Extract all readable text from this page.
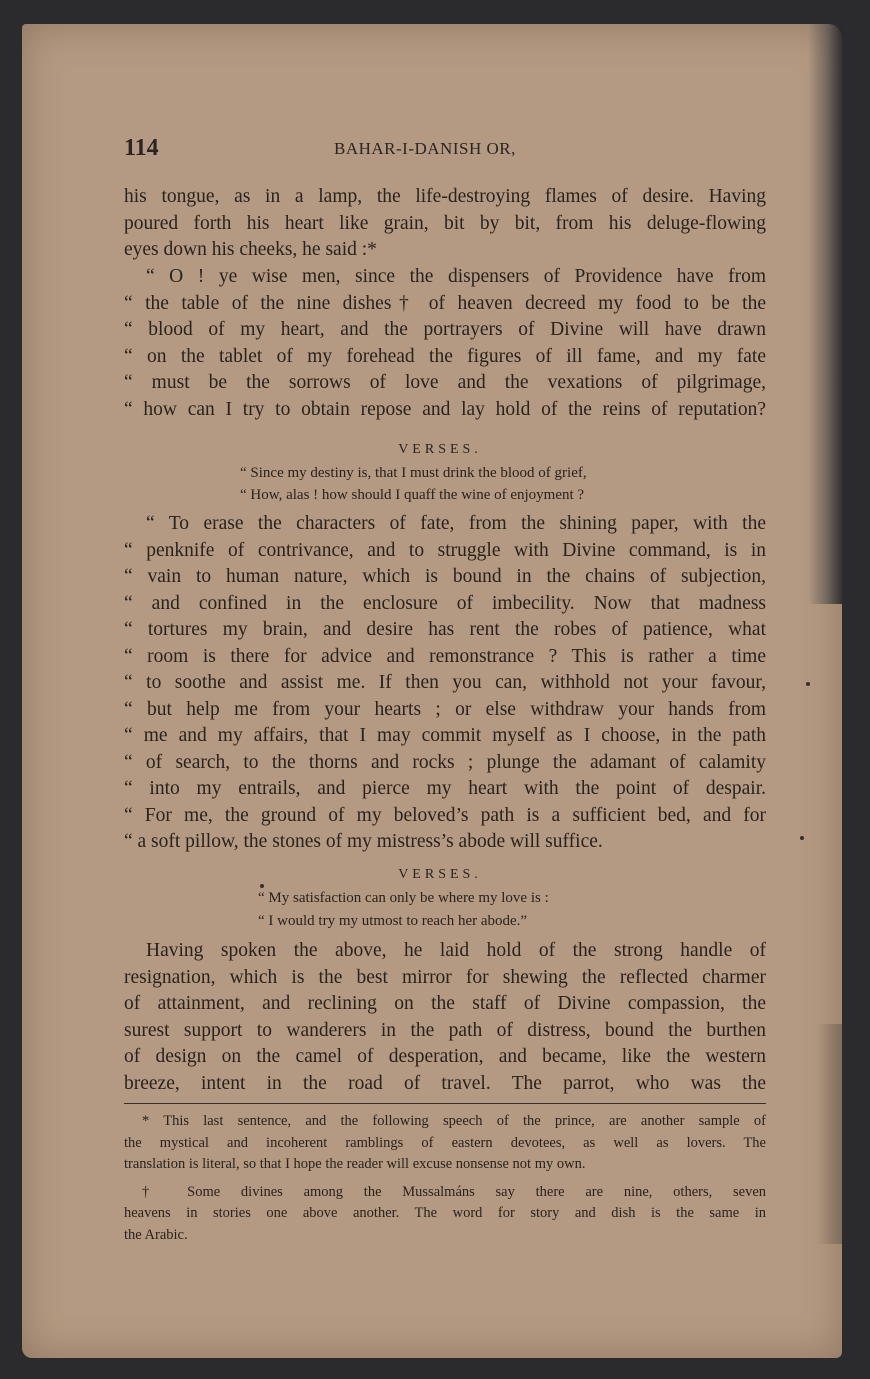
114	BAHAR-I-DANISH OR,
his tongue, as in a lamp, the life-destroying flames of desire. Having
poured forth his heart like grain, bit by bit, from his deluge-flowing
eyes down his cheeks, he said :*
“ O ! ye wise men, since the dispensers of Providence have from
“ the table of the nine dishes† of heaven decreed my food to be the
“ blood of my heart, and the portrayers of Divine will have drawn
“ on the tablet of my forehead the figures of ill fame, and my fate
“ must be the sorrows of love and the vexations of pilgrimage,
“ how can I try to obtain repose and lay hold of the reins of reputation?
VERSES.
“ Since my destiny is, that I must drink the blood of grief,
“ How, alas ! how should I quaff the wine of enjoyment ?
“ To erase the characters of fate, from the shining paper, with the
“ penknife of contrivance, and to struggle with Divine command, is in
“ vain to human nature, which is bound in the chains of subjection,
“ and confined in the enclosure of imbecility. Now that madness
“ tortures my brain, and desire has rent the robes of patience, what
“ room is there for advice and remonstrance ? This is rather a time
“ to soothe and assist me. If then you can, withhold not your favour,
“ but help me from your hearts ; or else withdraw your hands from
“ me and my affairs, that I may commit myself as I choose, in the path
“ of search, to the thorns and rocks ; plunge the adamant of calamity
“ into my entrails, and pierce my heart with the point of despair.
“ For me, the ground of my beloved’s path is a sufficient bed, and for
“ a soft pillow, the stones of my mistress’s abode will suffice.
VERSES.
“ My satisfaction can only be where my love is :
“ I would try my utmost to reach her abode.”
Having spoken the above, he laid hold of the strong handle of
resignation, which is the best mirror for shewing the reflected charmer
of attainment, and reclining on the staff of Divine compassion, the
surest support to wanderers in the path of distress, bound the burthen
of design on the camel of desperation, and became, like the western
breeze, intent in the road of travel. The parrot, who was the
* This last sentence, and the following speech of the prince, are another sample of
the mystical and incoherent ramblings of eastern devotees, as well as lovers. The
translation is literal, so that I hope the reader will excuse nonsense not my own.
† Some divines among the Mussalmáns say there are nine, others, seven
heavens in stories one above another. The word for story and dish is the same in
the Arabic.
